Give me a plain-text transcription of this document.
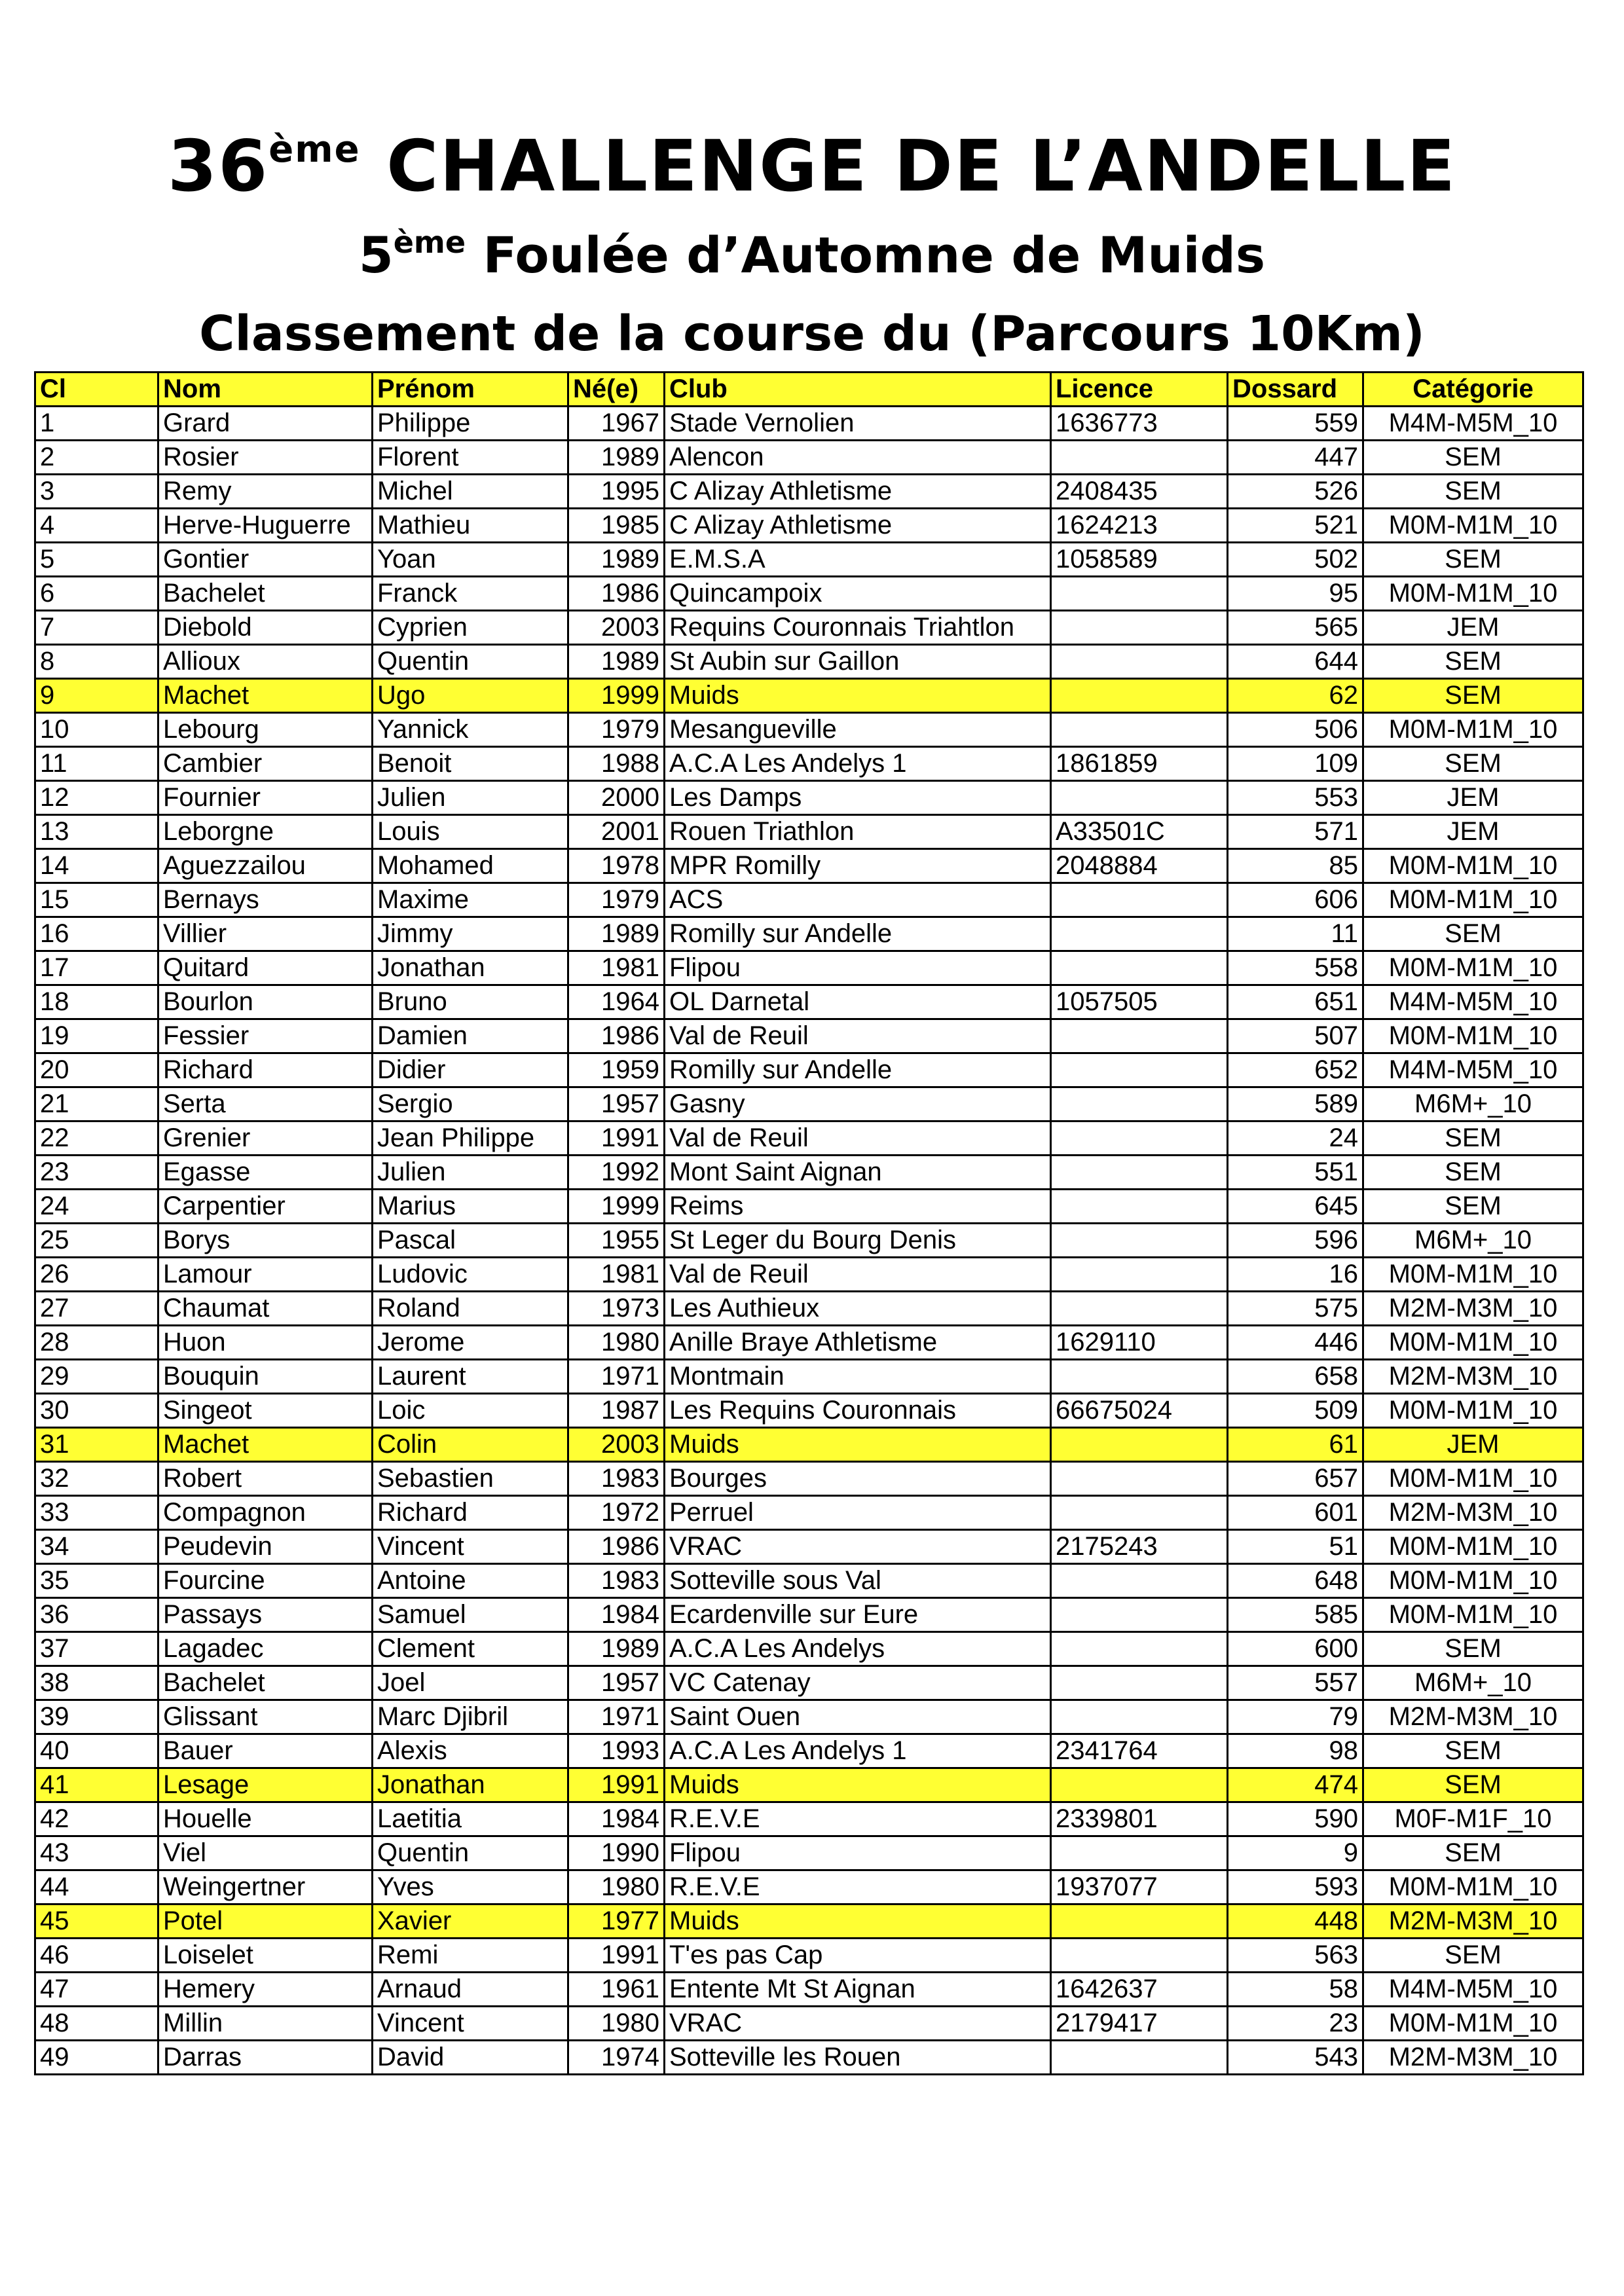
36ème CHALLENGE DE L’ANDELLE
5ème Foulée d’Automne de Muids
Classement de la course du (Parcours 10Km)
Cl	Nom	Prénom	Né(e)	Club	Licence	Dossard	Catégorie
1	Grard	Philippe	1967	Stade Vernolien	1636773	559	M4M-M5M_10
2	Rosier	Florent	1989	Alencon		447	SEM
3	Remy	Michel	1995	C Alizay Athletisme	2408435	526	SEM
4	Herve-Huguerre	Mathieu	1985	C Alizay Athletisme	1624213	521	M0M-M1M_10
5	Gontier	Yoan	1989	E.M.S.A	1058589	502	SEM
6	Bachelet	Franck	1986	Quincampoix		95	M0M-M1M_10
7	Diebold	Cyprien	2003	Requins Couronnais Triahtlon		565	JEM
8	Allioux	Quentin	1989	St Aubin sur Gaillon		644	SEM
9	Machet	Ugo	1999	Muids		62	SEM
10	Lebourg	Yannick	1979	Mesangueville		506	M0M-M1M_10
11	Cambier	Benoit	1988	A.C.A Les Andelys 1	1861859	109	SEM
12	Fournier	Julien	2000	Les Damps		553	JEM
13	Leborgne	Louis	2001	Rouen Triathlon	A33501C	571	JEM
14	Aguezzailou	Mohamed	1978	MPR Romilly	2048884	85	M0M-M1M_10
15	Bernays	Maxime	1979	ACS		606	M0M-M1M_10
16	Villier	Jimmy	1989	Romilly sur Andelle		11	SEM
17	Quitard	Jonathan	1981	Flipou		558	M0M-M1M_10
18	Bourlon	Bruno	1964	OL Darnetal	1057505	651	M4M-M5M_10
19	Fessier	Damien	1986	Val de Reuil		507	M0M-M1M_10
20	Richard	Didier	1959	Romilly sur Andelle		652	M4M-M5M_10
21	Serta	Sergio	1957	Gasny		589	M6M+_10
22	Grenier	Jean Philippe	1991	Val de Reuil		24	SEM
23	Egasse	Julien	1992	Mont Saint Aignan		551	SEM
24	Carpentier	Marius	1999	Reims		645	SEM
25	Borys	Pascal	1955	St Leger du Bourg Denis		596	M6M+_10
26	Lamour	Ludovic	1981	Val de Reuil		16	M0M-M1M_10
27	Chaumat	Roland	1973	Les Authieux		575	M2M-M3M_10
28	Huon	Jerome	1980	Anille Braye Athletisme	1629110	446	M0M-M1M_10
29	Bouquin	Laurent	1971	Montmain		658	M2M-M3M_10
30	Singeot	Loic	1987	Les Requins Couronnais	66675024	509	M0M-M1M_10
31	Machet	Colin	2003	Muids		61	JEM
32	Robert	Sebastien	1983	Bourges		657	M0M-M1M_10
33	Compagnon	Richard	1972	Perruel		601	M2M-M3M_10
34	Peudevin	Vincent	1986	VRAC	2175243	51	M0M-M1M_10
35	Fourcine	Antoine	1983	Sotteville sous Val		648	M0M-M1M_10
36	Passays	Samuel	1984	Ecardenville sur Eure		585	M0M-M1M_10
37	Lagadec	Clement	1989	A.C.A Les Andelys		600	SEM
38	Bachelet	Joel	1957	VC Catenay		557	M6M+_10
39	Glissant	Marc Djibril	1971	Saint Ouen		79	M2M-M3M_10
40	Bauer	Alexis	1993	A.C.A Les Andelys 1	2341764	98	SEM
41	Lesage	Jonathan	1991	Muids		474	SEM
42	Houelle	Laetitia	1984	R.E.V.E	2339801	590	M0F-M1F_10
43	Viel	Quentin	1990	Flipou		9	SEM
44	Weingertner	Yves	1980	R.E.V.E	1937077	593	M0M-M1M_10
45	Potel	Xavier	1977	Muids		448	M2M-M3M_10
46	Loiselet	Remi	1991	T'es pas Cap		563	SEM
47	Hemery	Arnaud	1961	Entente Mt St Aignan	1642637	58	M4M-M5M_10
48	Millin	Vincent	1980	VRAC	2179417	23	M0M-M1M_10
49	Darras	David	1974	Sotteville les Rouen		543	M2M-M3M_10
